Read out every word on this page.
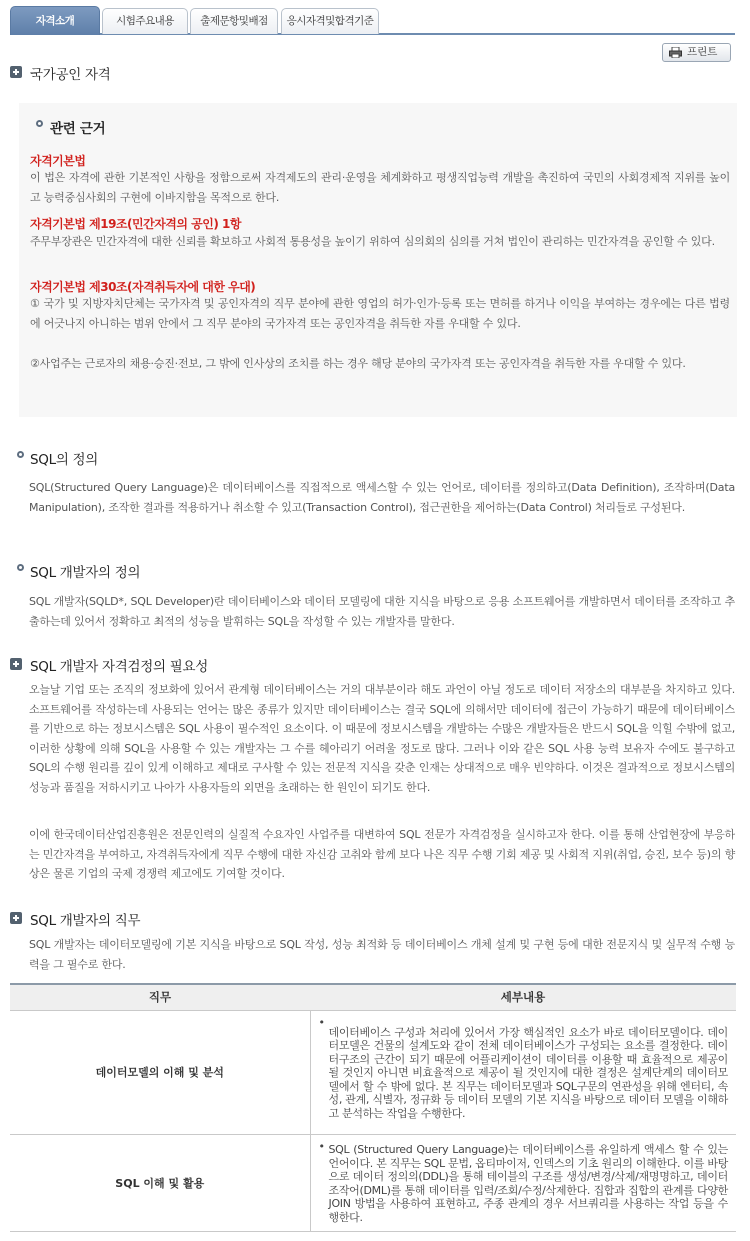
자격소개	시험주요내용	출제문항및배점	응시자격및합격기준
프린트
국가공인 자격
관련 근거
자격기본법
이 법은 자격에 관한 기본적인 사항을 정함으로써 자격제도의 관리·운영을 체계화하고 평생직업능력 개발을 촉진하여 국민의 사회경제적 지위를 높이고 능력중심사회의 구현에 이바지함을 목적으로 한다.
자격기본법 제19조(민간자격의 공인) 1항
주무부장관은 민간자격에 대한 신뢰를 확보하고 사회적 통용성을 높이기 위하여 심의회의 심의를 거쳐 법인이 관리하는 민간자격을 공인할 수 있다.
자격기본법 제30조(자격취득자에 대한 우대)
① 국가 및 지방자치단체는 국가자격 및 공인자격의 직무 분야에 관한 영업의 허가·인가·등록 또는 면허를 하거나 이익을 부여하는 경우에는 다른 법령에 어긋나지 아니하는 범위 안에서 그 직무 분야의 국가자격 또는 공인자격을 취득한 자를 우대할 수 있다.
②사업주는 근로자의 채용·승진·전보, 그 밖에 인사상의 조치를 하는 경우 해당 분야의 국가자격 또는 공인자격을 취득한 자를 우대할 수 있다.
SQL의 정의
SQL(Structured Query Language)은 데이터베이스를 직접적으로 액세스할 수 있는 언어로, 데이터를 정의하고(Data Definition), 조작하며(Data Manipulation), 조작한 결과를 적용하거나 취소할 수 있고(Transaction Control), 접근권한을 제어하는(Data Control) 처리들로 구성된다.
SQL 개발자의 정의
SQL 개발자(SQLD*, SQL Developer)란 데이터베이스와 데이터 모델링에 대한 지식을 바탕으로 응용 소프트웨어를 개발하면서 데이터를 조작하고 추출하는데 있어서 정확하고 최적의 성능을 발휘하는 SQL을 작성할 수 있는 개발자를 말한다.
SQL 개발자 자격검정의 필요성
오늘날 기업 또는 조직의 정보화에 있어서 관계형 데이터베이스는 거의 대부분이라 해도 과언이 아닐 정도로 데이터 저장소의 대부분을 차지하고 있다. 소프트웨어를 작성하는데 사용되는 언어는 많은 종류가 있지만 데이터베이스는 결국 SQL에 의해서만 데이터에 접근이 가능하기 때문에 데이터베이스를 기반으로 하는 정보시스템은 SQL 사용이 필수적인 요소이다. 이 때문에 정보시스템을 개발하는 수많은 개발자들은 반드시 SQL을 익힐 수밖에 없고, 이러한 상황에 의해 SQL을 사용할 수 있는 개발자는 그 수를 헤아리기 어려울 정도로 많다. 그러나 이와 같은 SQL 사용 능력 보유자 수에도 불구하고 SQL의 수행 원리를 깊이 있게 이해하고 제대로 구사할 수 있는 전문적 지식을 갖춘 인재는 상대적으로 매우 빈약하다. 이것은 결과적으로 정보시스템의 성능과 품질을 저하시키고 나아가 사용자들의 외면을 초래하는 한 원인이 되기도 한다.
이에 한국데이터산업진흥원은 전문인력의 실질적 수요자인 사업주를 대변하여 SQL 전문가 자격검정을 실시하고자 한다. 이를 통해 산업현장에 부응하는 민간자격을 부여하고, 자격취득자에게 직무 수행에 대한 자신감 고취와 함께 보다 나은 직무 수행 기회 제공 및 사회적 지위(취업, 승진, 보수 등)의 향상은 물론 기업의 국제 경쟁력 제고에도 기여할 것이다.
SQL 개발자의 직무
SQL 개발자는 데이터모델링에 기본 지식을 바탕으로 SQL 작성, 성능 최적화 등 데이터베이스 개체 설계 및 구현 등에 대한 전문지식 및 실무적 수행 능력을 그 필수로 한다.
직무	세부내용
데이터모델의 이해 및 분석	• 데이터베이스 구성과 처리에 있어서 가장 핵심적인 요소가 바로 데이터모델이다. 데이터모델은 건물의 설계도와 같이 전체 데이터베이스가 구성되는 요소를 결정한다. 데이터구조의 근간이 되기 때문에 어플리케이션이 데이터를 이용할 때 효율적으로 제공이 될 것인지 아니면 비효율적으로 제공이 될 것인지에 대한 결정은 설계단계의 데이터모델에서 할 수 밖에 없다. 본 직무는 데이터모델과 SQL구문의 연관성을 위해 엔터티, 속성, 관계, 식별자, 정규화 등 데이터 모델의 기본 지식을 바탕으로 데이터 모델을 이해하고 분석하는 작업을 수행한다.
SQL 이해 및 활용	• SQL (Structured Query Language)는 데이터베이스를 유일하게 액세스 할 수 있는 언어이다. 본 직무는 SQL 문법, 옵티마이저, 인덱스의 기초 원리의 이해한다. 이를 바탕으로 데이터 정의의(DDL)을 통해 테이블의 구조를 생성/변경/삭제/재명명하고, 데이터 조작어(DML)를 통해 데이터를 입력/조회/수정/삭제한다. 집합과 집합의 관계를 다양한 JOIN 방법을 사용하여 표현하고, 주종 관계의 경우 서브쿼리를 사용하는 작업 등을 수행한다.
